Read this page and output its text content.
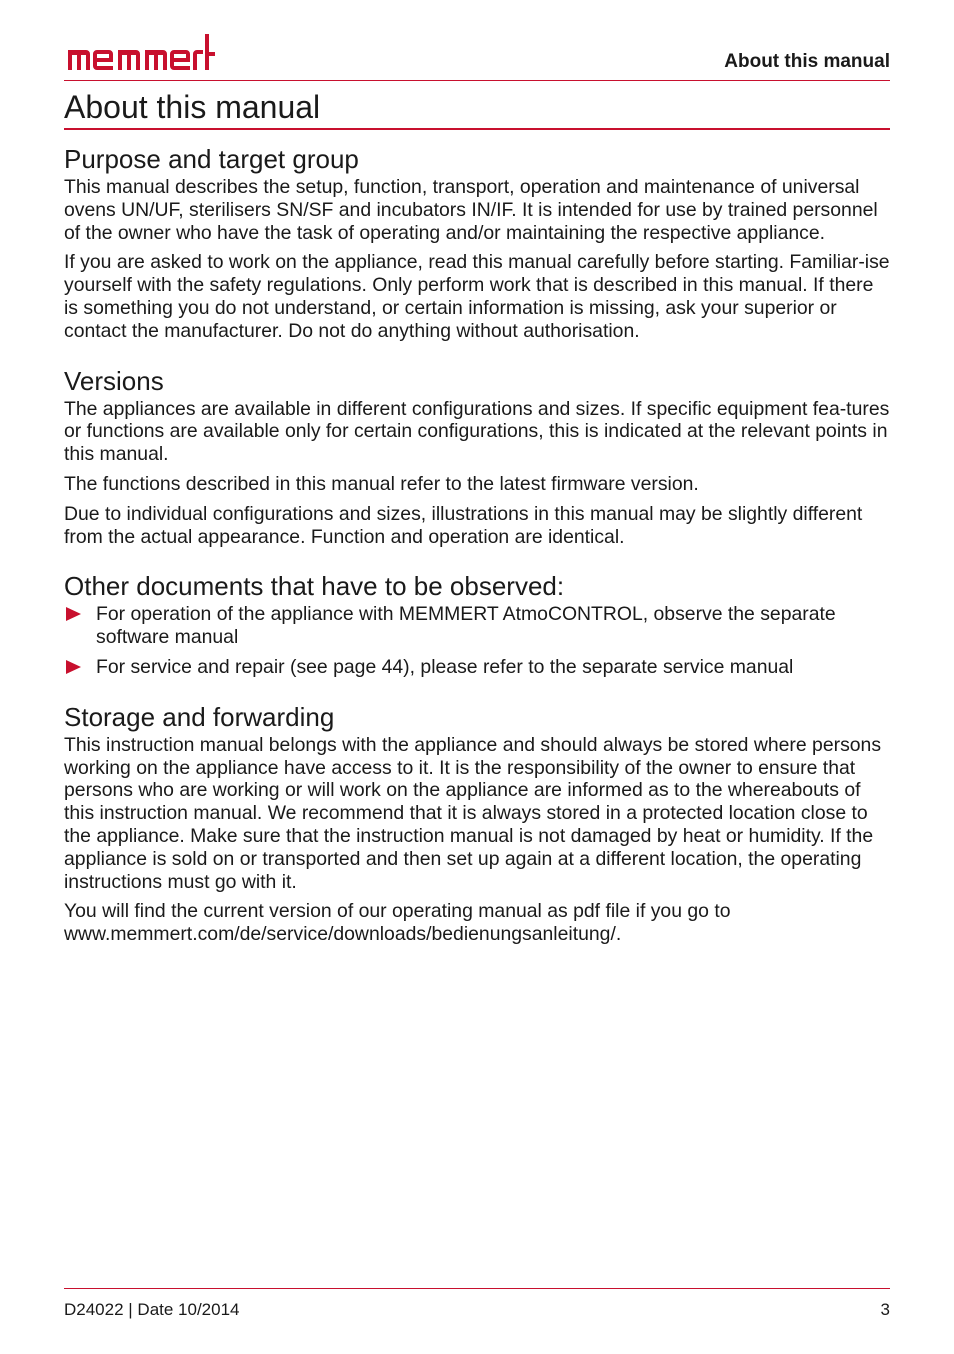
About this manual
About this manual
Purpose and target group

This manual describes the setup, function, transport, operation and maintenance of universal ovens UN/UF, sterilisers SN/SF and incubators IN/IF. It is intended for use by trained personnel of the owner who have the task of operating and/or maintaining the respective appliance.

If you are asked to work on the appliance, read this manual carefully before starting. Familiar-ise yourself with the safety regulations. Only perform work that is described in this manual. If there is something you do not understand, or certain information is missing, ask your superior or contact the manufacturer. Do not do anything without authorisation.

Versions

The appliances are available in different configurations and sizes. If specific equipment fea-tures or functions are available only for certain configurations, this is indicated at the relevant points in this manual.

The functions described in this manual refer to the latest firmware version.

Due to individual configurations and sizes, illustrations in this manual may be slightly different from the actual appearance. Function and operation are identical.

Other documents that have to be observed:
For operation of the appliance with MEMMERT AtmoCONTROL, observe the separate software manual
For service and repair (see page 44), please refer to the separate service manual
Storage and forwarding

This instruction manual belongs with the appliance and should always be stored where persons working on the appliance have access to it. It is the responsibility of the owner to ensure that persons who are working or will work on the appliance are informed as to the whereabouts of this instruction manual. We recommend that it is always stored in a protected location close to the appliance. Make sure that the instruction manual is not damaged by heat or humidity. If the appliance is sold on or transported and then set up again at a different location, the operating instructions must go with it.

You will find the current version of our operating manual as pdf file if you go to www.memmert.com/de/service/downloads/bedienungsanleitung/.

D24022 | Date 10/2014	3
